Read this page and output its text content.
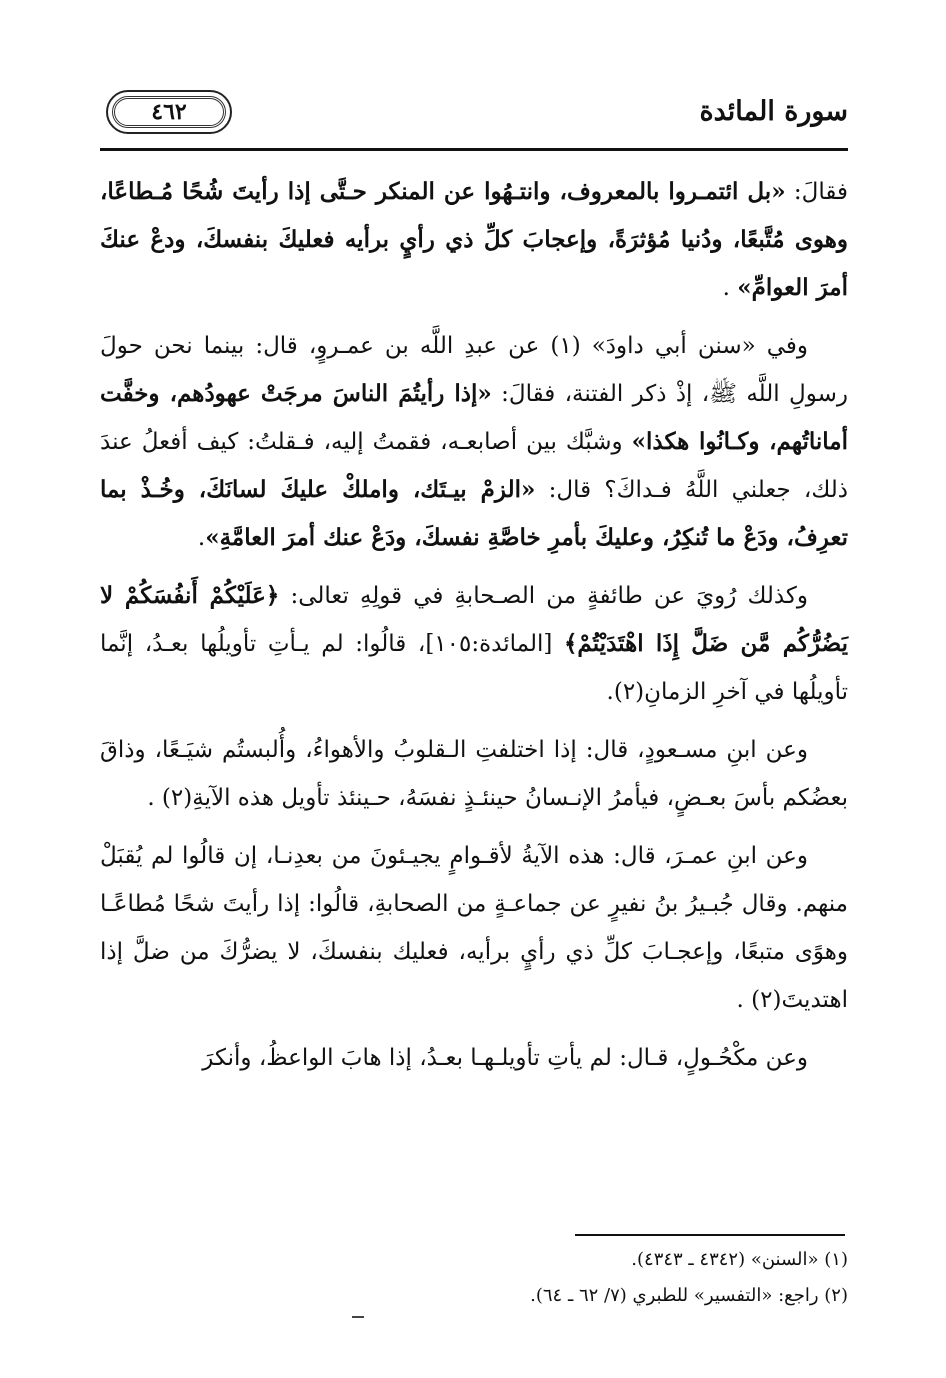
٤٦٢	سورة المائدة

فقالَ: «بل ائتمـروا بالمعروف، وانتـهُوا عن المنكر حـتَّى إذا رأيتَ شُحًا مُـطاعًا، وهوى مُتَّبعًا، ودُنيا مُؤثرَةً، وإعجابَ كلِّ ذي رأيٍ برأيه فعليكَ بنفسكَ، ودعْ عنكَ أمرَ العوامِّ» .

وفي «سنن أبي داودَ» (١) عن عبدِ اللَّه بن عمـروٍ، قال: بينما نحن حولَ رسولِ اللَّه ﷺ، إذْ ذكر الفتنة، فقالَ: «إذا رأيتُمَ الناسَ مرجَتْ عهودُهم، وخفَّت أماناتُهم، وكـانُوا هكذا» وشبَّك بين أصابعـه، فقمتُ إليه، فـقلتُ: كيف أفعلُ عندَ ذلك، جعلني اللَّهُ فـداكَ؟ قال: «الزمْ بيـتَك، واملكْ عليكَ لسانَكَ، وخُـذْ بما تعرِفُ، ودَعْ ما تُنكِرُ، وعليكَ بأمرِ خاصَّةِ نفسكَ، ودَعْ عنك أمرَ العامَّةِ».

وكذلك رُويَ عن طائفةٍ من الصـحابةِ في قولِهِ تعالى: ﴿عَلَيْكُمْ أَنفُسَكُمْ لا يَضُرُّكُم مَّن ضَلَّ إِذَا اهْتَدَيْتُمْ﴾ [المائدة:١٠٥]، قالُوا: لم يـأتِ تأويلُها بعـدُ، إنَّما تأويلُها في آخرِ الزمانِ(٢).

وعن ابنِ مسـعودٍ، قال: إذا اختلفتِ الـقلوبُ والأهواءُ، وأُلبستُم شيَـعًا، وذاقَ بعضُكم بأسَ بعـضٍ، فيأمرُ الإنـسانُ حينئـذٍ نفسَهُ، حـينئذ تأويل هذه الآيةِ(٢) .

وعن ابنِ عمـرَ، قال: هذه الآيةُ لأقـوامٍ يجيـئونَ من بعدِنـا، إن قالُوا لم يُقبَلْ منهم. وقال جُبـيرُ بنُ نفيرٍ عن جماعـةٍ من الصحابةِ، قالُوا: إذا رأيتَ شحًا مُطاعًـا وهوًى متبعًا، وإعجـابَ كلِّ ذي رأيٍ برأيه، فعليك بنفسكَ، لا يضرُّكَ من ضلَّ إذا اهتديتَ(٢) .

وعن مكْحُـولٍ، قـال: لم يأتِ تأويلـهـا بعـدُ، إذا هابَ الواعظُ، وأنكرَ

(١) «السنن» (٤٣٤٢ ـ ٤٣٤٣).
(٢) راجع: «التفسير» للطبري (٧/ ٦٢ ـ ٦٤).
